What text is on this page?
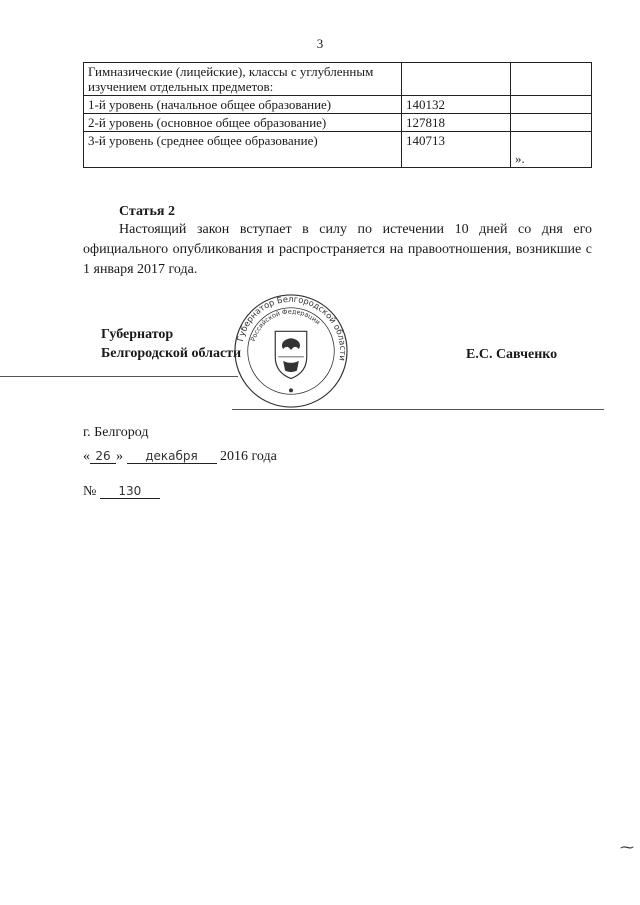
3
Гимназические (лицейские), классы с углубленным изучением отдельных предметов:		
1-й уровень (начальное общее образование)	140132	
2-й уровень (основное общее образование)	127818	
3-й уровень (среднее общее образование)	140713	».
Статья 2
Настоящий закон вступает в силу по истечении 10 дней со дня его официального опубликования и распространяется на правоотношения, возникшие с 1 января 2017 года.
Губернатор
Белгородской области
Губернатор Белгородской области
Российской Федерации
Е.С. Савченко
г. Белгород
« 26 » декабря 2016 года
№ 130
⁓
